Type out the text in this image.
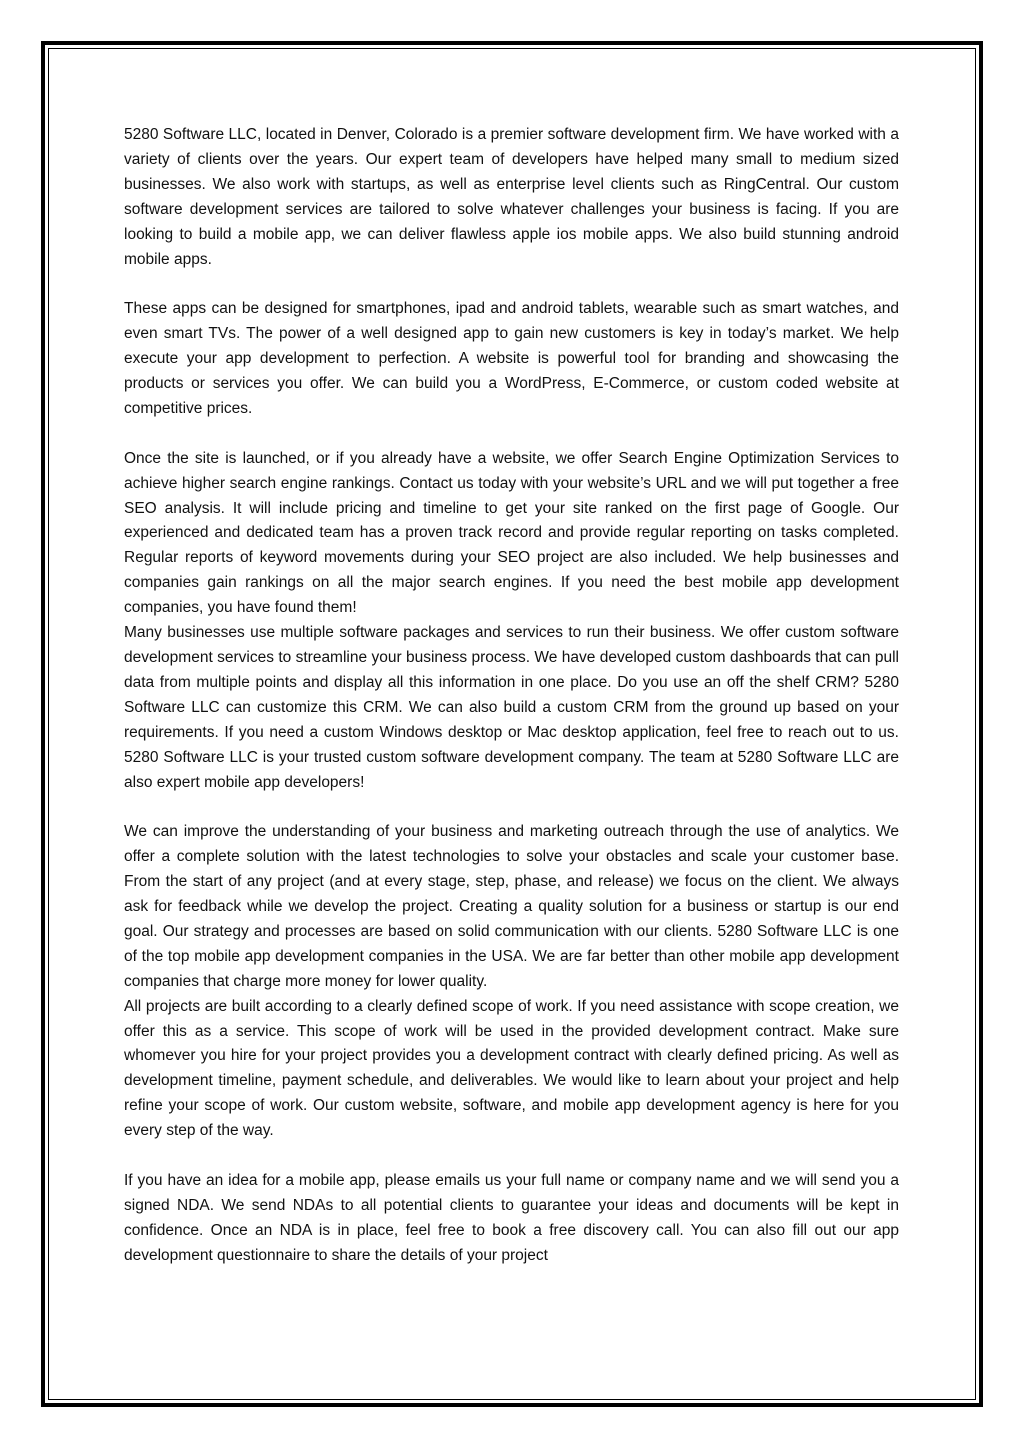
5280 Software LLC, located in Denver, Colorado is a premier software development firm. We have worked with a variety of clients over the years. Our expert team of developers have helped many small to medium sized businesses. We also work with startups, as well as enterprise level clients such as RingCentral. Our custom software development services are tailored to solve whatever challenges your business is facing. If you are looking to build a mobile app, we can deliver flawless apple ios mobile apps. We also build stunning android mobile apps.

These apps can be designed for smartphones, ipad and android tablets, wearable such as smart watches, and even smart TVs. The power of a well designed app to gain new customers is key in today’s market. We help execute your app development to perfection. A website is powerful tool for branding and showcasing the products or services you offer. We can build you a WordPress, E-Commerce, or custom coded website at competitive prices.

Once the site is launched, or if you already have a website, we offer Search Engine Optimization Services to achieve higher search engine rankings. Contact us today with your website’s URL and we will put together a free SEO analysis. It will include pricing and timeline to get your site ranked on the first page of Google. Our experienced and dedicated team has a proven track record and provide regular reporting on tasks completed. Regular reports of keyword movements during your SEO project are also included. We help businesses and companies gain rankings on all the major search engines. If you need the best mobile app development companies, you have found them!

Many businesses use multiple software packages and services to run their business. We offer custom software development services to streamline your business process. We have developed custom dashboards that can pull data from multiple points and display all this information in one place. Do you use an off the shelf CRM? 5280 Software LLC can customize this CRM. We can also build a custom CRM from the ground up based on your requirements. If you need a custom Windows desktop or Mac desktop application, feel free to reach out to us. 5280 Software LLC is your trusted custom software development company. The team at 5280 Software LLC are also expert mobile app developers!

We can improve the understanding of your business and marketing outreach through the use of analytics. We offer a complete solution with the latest technologies to solve your obstacles and scale your customer base. From the start of any project (and at every stage, step, phase, and release) we focus on the client. We always ask for feedback while we develop the project. Creating a quality solution for a business or startup is our end goal. Our strategy and processes are based on solid communication with our clients. 5280 Software LLC is one of the top mobile app development companies in the USA. We are far better than other mobile app development companies that charge more money for lower quality.

All projects are built according to a clearly defined scope of work. If you need assistance with scope creation, we offer this as a service. This scope of work will be used in the provided development contract. Make sure whomever you hire for your project provides you a development contract with clearly defined pricing. As well as development timeline, payment schedule, and deliverables. We would like to learn about your project and help refine your scope of work. Our custom website, software, and mobile app development agency is here for you every step of the way.

If you have an idea for a mobile app, please emails us your full name or company name and we will send you a signed NDA. We send NDAs to all potential clients to guarantee your ideas and documents will be kept in confidence. Once an NDA is in place, feel free to book a free discovery call. You can also fill out our app development questionnaire to share the details of your project
